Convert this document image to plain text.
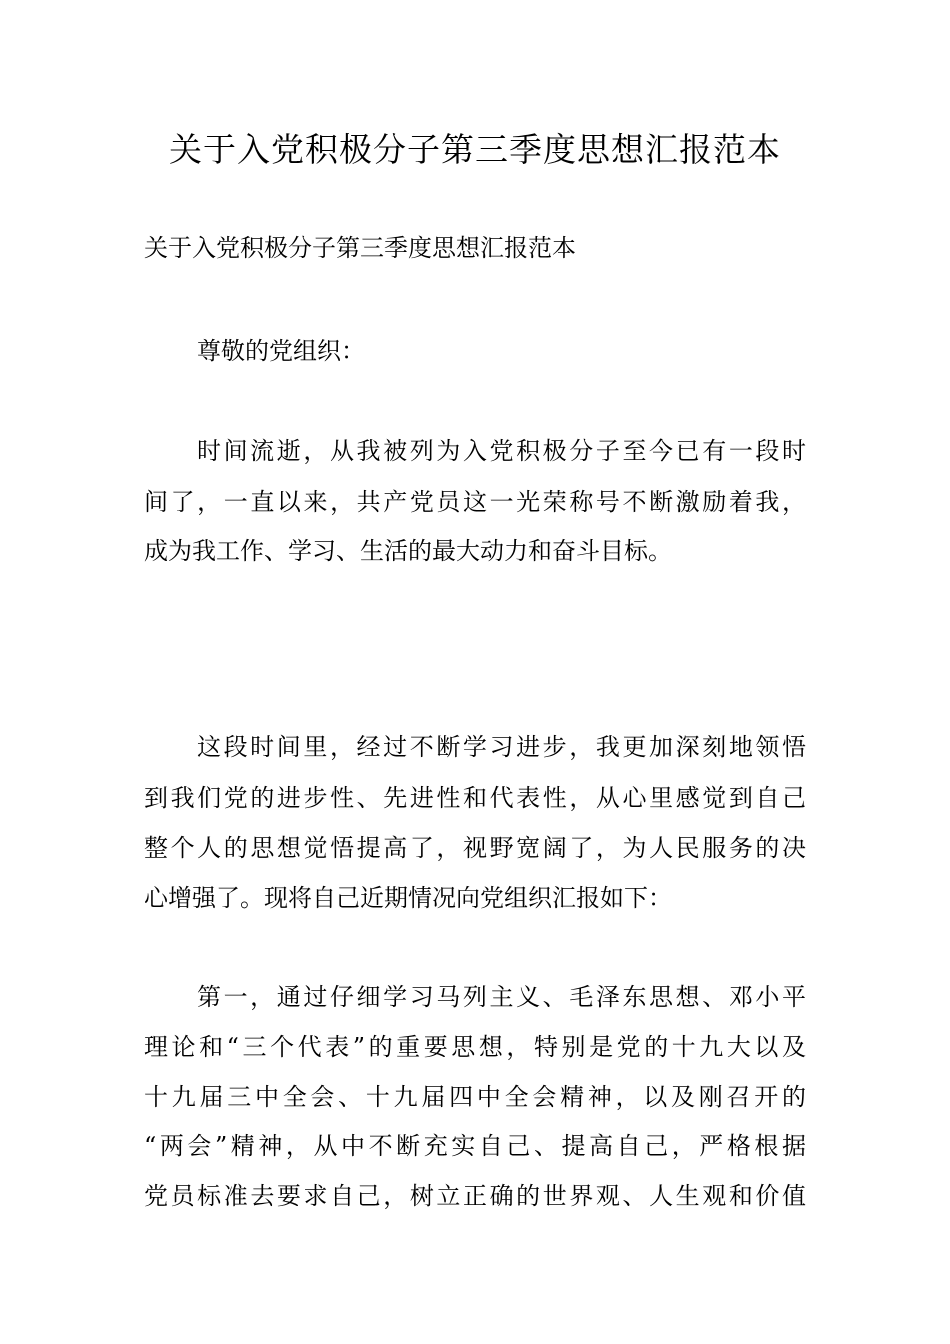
关于入党积极分子第三季度思想汇报范本
关于入党积极分子第三季度思想汇报范本
尊敬的党组织：
时间流逝，从我被列为入党积极分子至今已有一段时
间了，一直以来，共产党员这一光荣称号不断激励着我，
成为我工作、学习、生活的最大动力和奋斗目标。
这段时间里，经过不断学习进步，我更加深刻地领悟
到我们党的进步性、先进性和代表性，从心里感觉到自己
整个人的思想觉悟提高了，视野宽阔了，为人民服务的决
心增强了。现将自己近期情况向党组织汇报如下：
第一，通过仔细学习马列主义、毛泽东思想、邓小平
理论和“三个代表”的重要思想，特别是党的十九大以及
十九届三中全会、十九届四中全会精神，以及刚召开的
“两会”精神，从中不断充实自己、提高自己，严格根据
党员标准去要求自己，树立正确的世界观、人生观和价值
